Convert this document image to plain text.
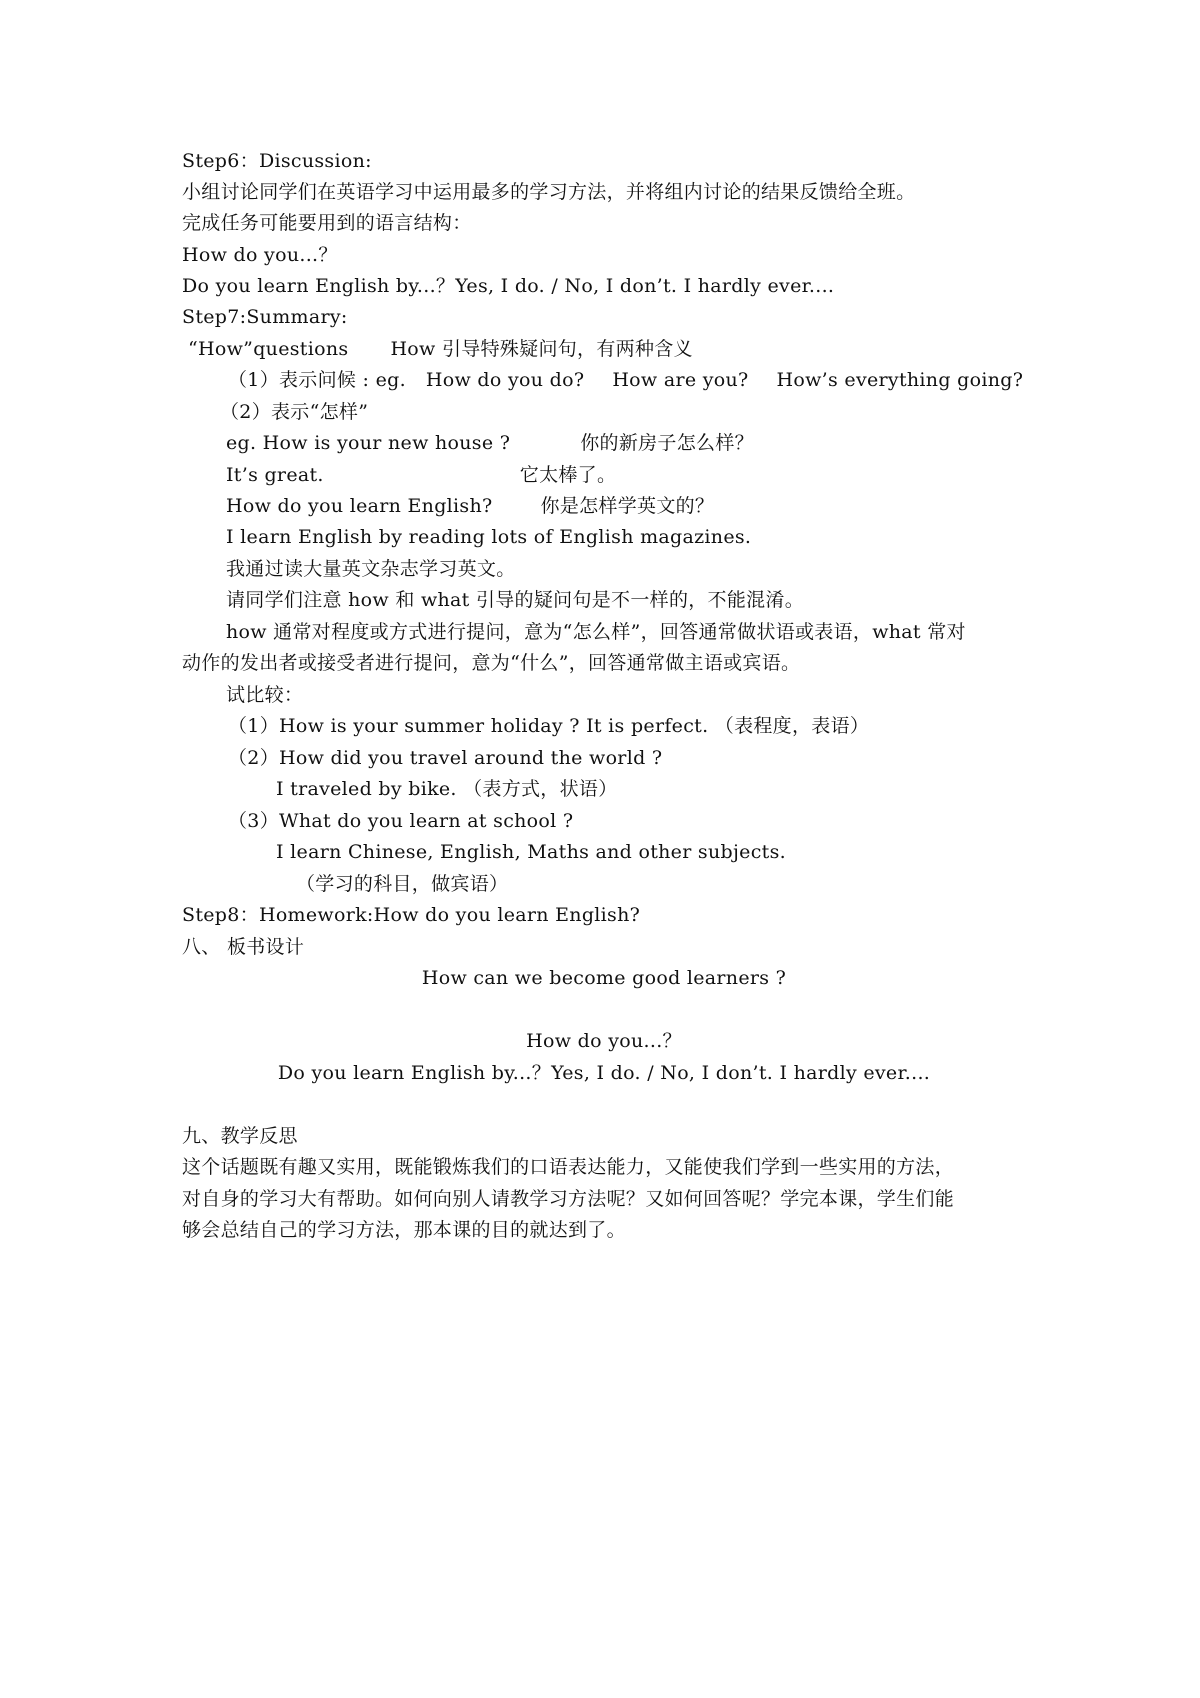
Step6：Discussion:
小组讨论同学们在英语学习中运用最多的学习方法，并将组内讨论的结果反馈给全班。
完成任务可能要用到的语言结构：
How do you...？
Do you learn English by...？Yes, I do. / No, I don’t. I hardly ever....
Step7:Summary:
“How”questions How 引导特殊疑问句，有两种含义
（1）表示问候 : eg. How do you do? How are you? How’s everything going?
（2）表示“怎样”
eg. How is your new house ?	你的新房子怎么样？
It’s great.	它太棒了。
How do you learn English?	你是怎样学英文的？
I learn English by reading lots of English magazines.
我通过读大量英文杂志学习英文。
请同学们注意 how 和 what 引导的疑问句是不一样的，不能混淆。
how 通常对程度或方式进行提问，意为“怎么样”，回答通常做状语或表语，what 常对
动作的发出者或接受者进行提问，意为“什么”，回答通常做主语或宾语。
试比较：
（1）How is your summer holiday ? It is perfect. （表程度，表语）
（2）How did you travel around the world ?
I traveled by bike. （表方式，状语）
（3）What do you learn at school ?
I learn Chinese, English, Maths and other subjects.
（学习的科目，做宾语）
Step8：Homework:How do you learn English?
八、 板书设计
How can we become good learners ?
How do you...？
Do you learn English by...？Yes, I do. / No, I don’t. I hardly ever....
九、教学反思
这个话题既有趣又实用，既能锻炼我们的口语表达能力，又能使我们学到一些实用的方法，
对自身的学习大有帮助。如何向别人请教学习方法呢？又如何回答呢？学完本课，学生们能
够会总结自己的学习方法，那本课的目的就达到了。
